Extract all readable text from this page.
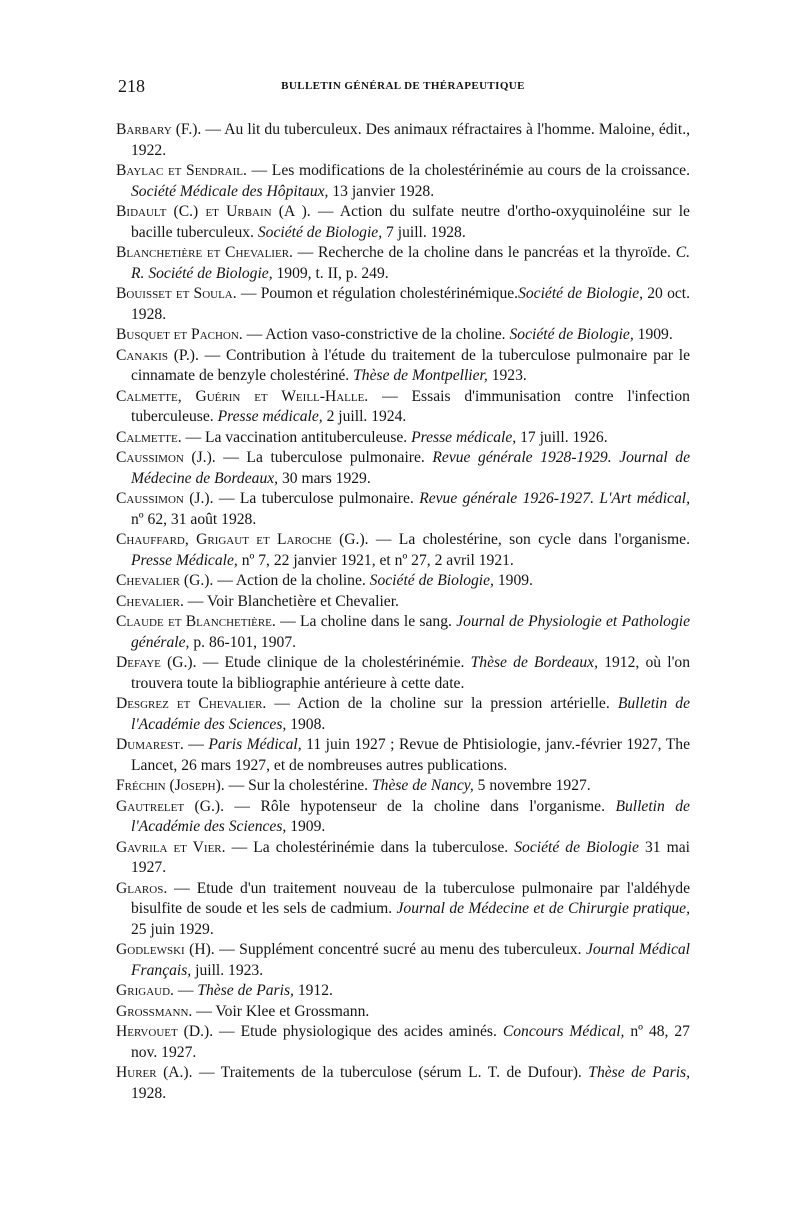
218	BULLETIN GÉNÉRAL DE THÉRAPEUTIQUE

Barbary (F.). — Au lit du tuberculeux. Des animaux réfractaires à l'homme. Maloine, édit., 1922.

Baylac et Sendrail. — Les modifications de la cholestérinémie au cours de la croissance. Société Médicale des Hôpitaux, 13 janvier 1928.

Bidault (C.) et Urbain (A ). — Action du sulfate neutre d'ortho-oxyquinoléine sur le bacille tuberculeux. Société de Biologie, 7 juill. 1928.

Blanchetière et Chevalier. — Recherche de la choline dans le pancréas et la thyroïde. C. R. Société de Biologie, 1909, t. II, p. 249.

Bouisset et Soula. — Poumon et régulation cholestérinémique.Société de Biologie, 20 oct. 1928.

Busquet et Pachon. — Action vaso-constrictive de la choline. Société de Biologie, 1909.

Canakis (P.). — Contribution à l'étude du traitement de la tuberculose pulmonaire par le cinnamate de benzyle cholestériné. Thèse de Montpellier, 1923.

Calmette, Guérin et Weill-Halle. — Essais d'immunisation contre l'infection tuberculeuse. Presse médicale, 2 juill. 1924.

Calmette. — La vaccination antituberculeuse. Presse médicale, 17 juill. 1926.

Caussimon (J.). — La tuberculose pulmonaire. Revue générale 1928-1929. Journal de Médecine de Bordeaux, 30 mars 1929.

Caussimon (J.). — La tuberculose pulmonaire. Revue générale 1926-1927. L'Art médical, nº 62, 31 août 1928.

Chauffard, Grigaut et Laroche (G.). — La cholestérine, son cycle dans l'organisme. Presse Médicale, nº 7, 22 janvier 1921, et nº 27, 2 avril 1921.

Chevalier (G.). — Action de la choline. Société de Biologie, 1909.

Chevalier. — Voir Blanchetière et Chevalier.

Claude et Blanchetière. — La choline dans le sang. Journal de Physiologie et Pathologie générale, p. 86-101, 1907.

Defaye (G.). — Etude clinique de la cholestérinémie. Thèse de Bordeaux, 1912, où l'on trouvera toute la bibliographie antérieure à cette date.

Desgrez et Chevalier. — Action de la choline sur la pression artérielle. Bulletin de l'Académie des Sciences, 1908.

Dumarest. — Paris Médical, 11 juin 1927 ; Revue de Phtisiologie, janv.-février 1927, The Lancet, 26 mars 1927, et de nombreuses autres publications.

Fréchin (Joseph). — Sur la cholestérine. Thèse de Nancy, 5 novembre 1927.

Gautrelet (G.). — Rôle hypotenseur de la choline dans l'organisme. Bulletin de l'Académie des Sciences, 1909.

Gavrila et Vier. — La cholestérinémie dans la tuberculose. Société de Biologie 31 mai 1927.

Glaros. — Etude d'un traitement nouveau de la tuberculose pulmonaire par l'aldéhyde bisulfite de soude et les sels de cadmium. Journal de Médecine et de Chirurgie pratique, 25 juin 1929.

Godlewski (H). — Supplément concentré sucré au menu des tuberculeux. Journal Médical Français, juill. 1923.

Grigaud. — Thèse de Paris, 1912.

Grossmann. — Voir Klee et Grossmann.

Hervouet (D.). — Etude physiologique des acides aminés. Concours Médical, nº 48, 27 nov. 1927.

Hurer (A.). — Traitements de la tuberculose (sérum L. T. de Dufour). Thèse de Paris, 1928.
